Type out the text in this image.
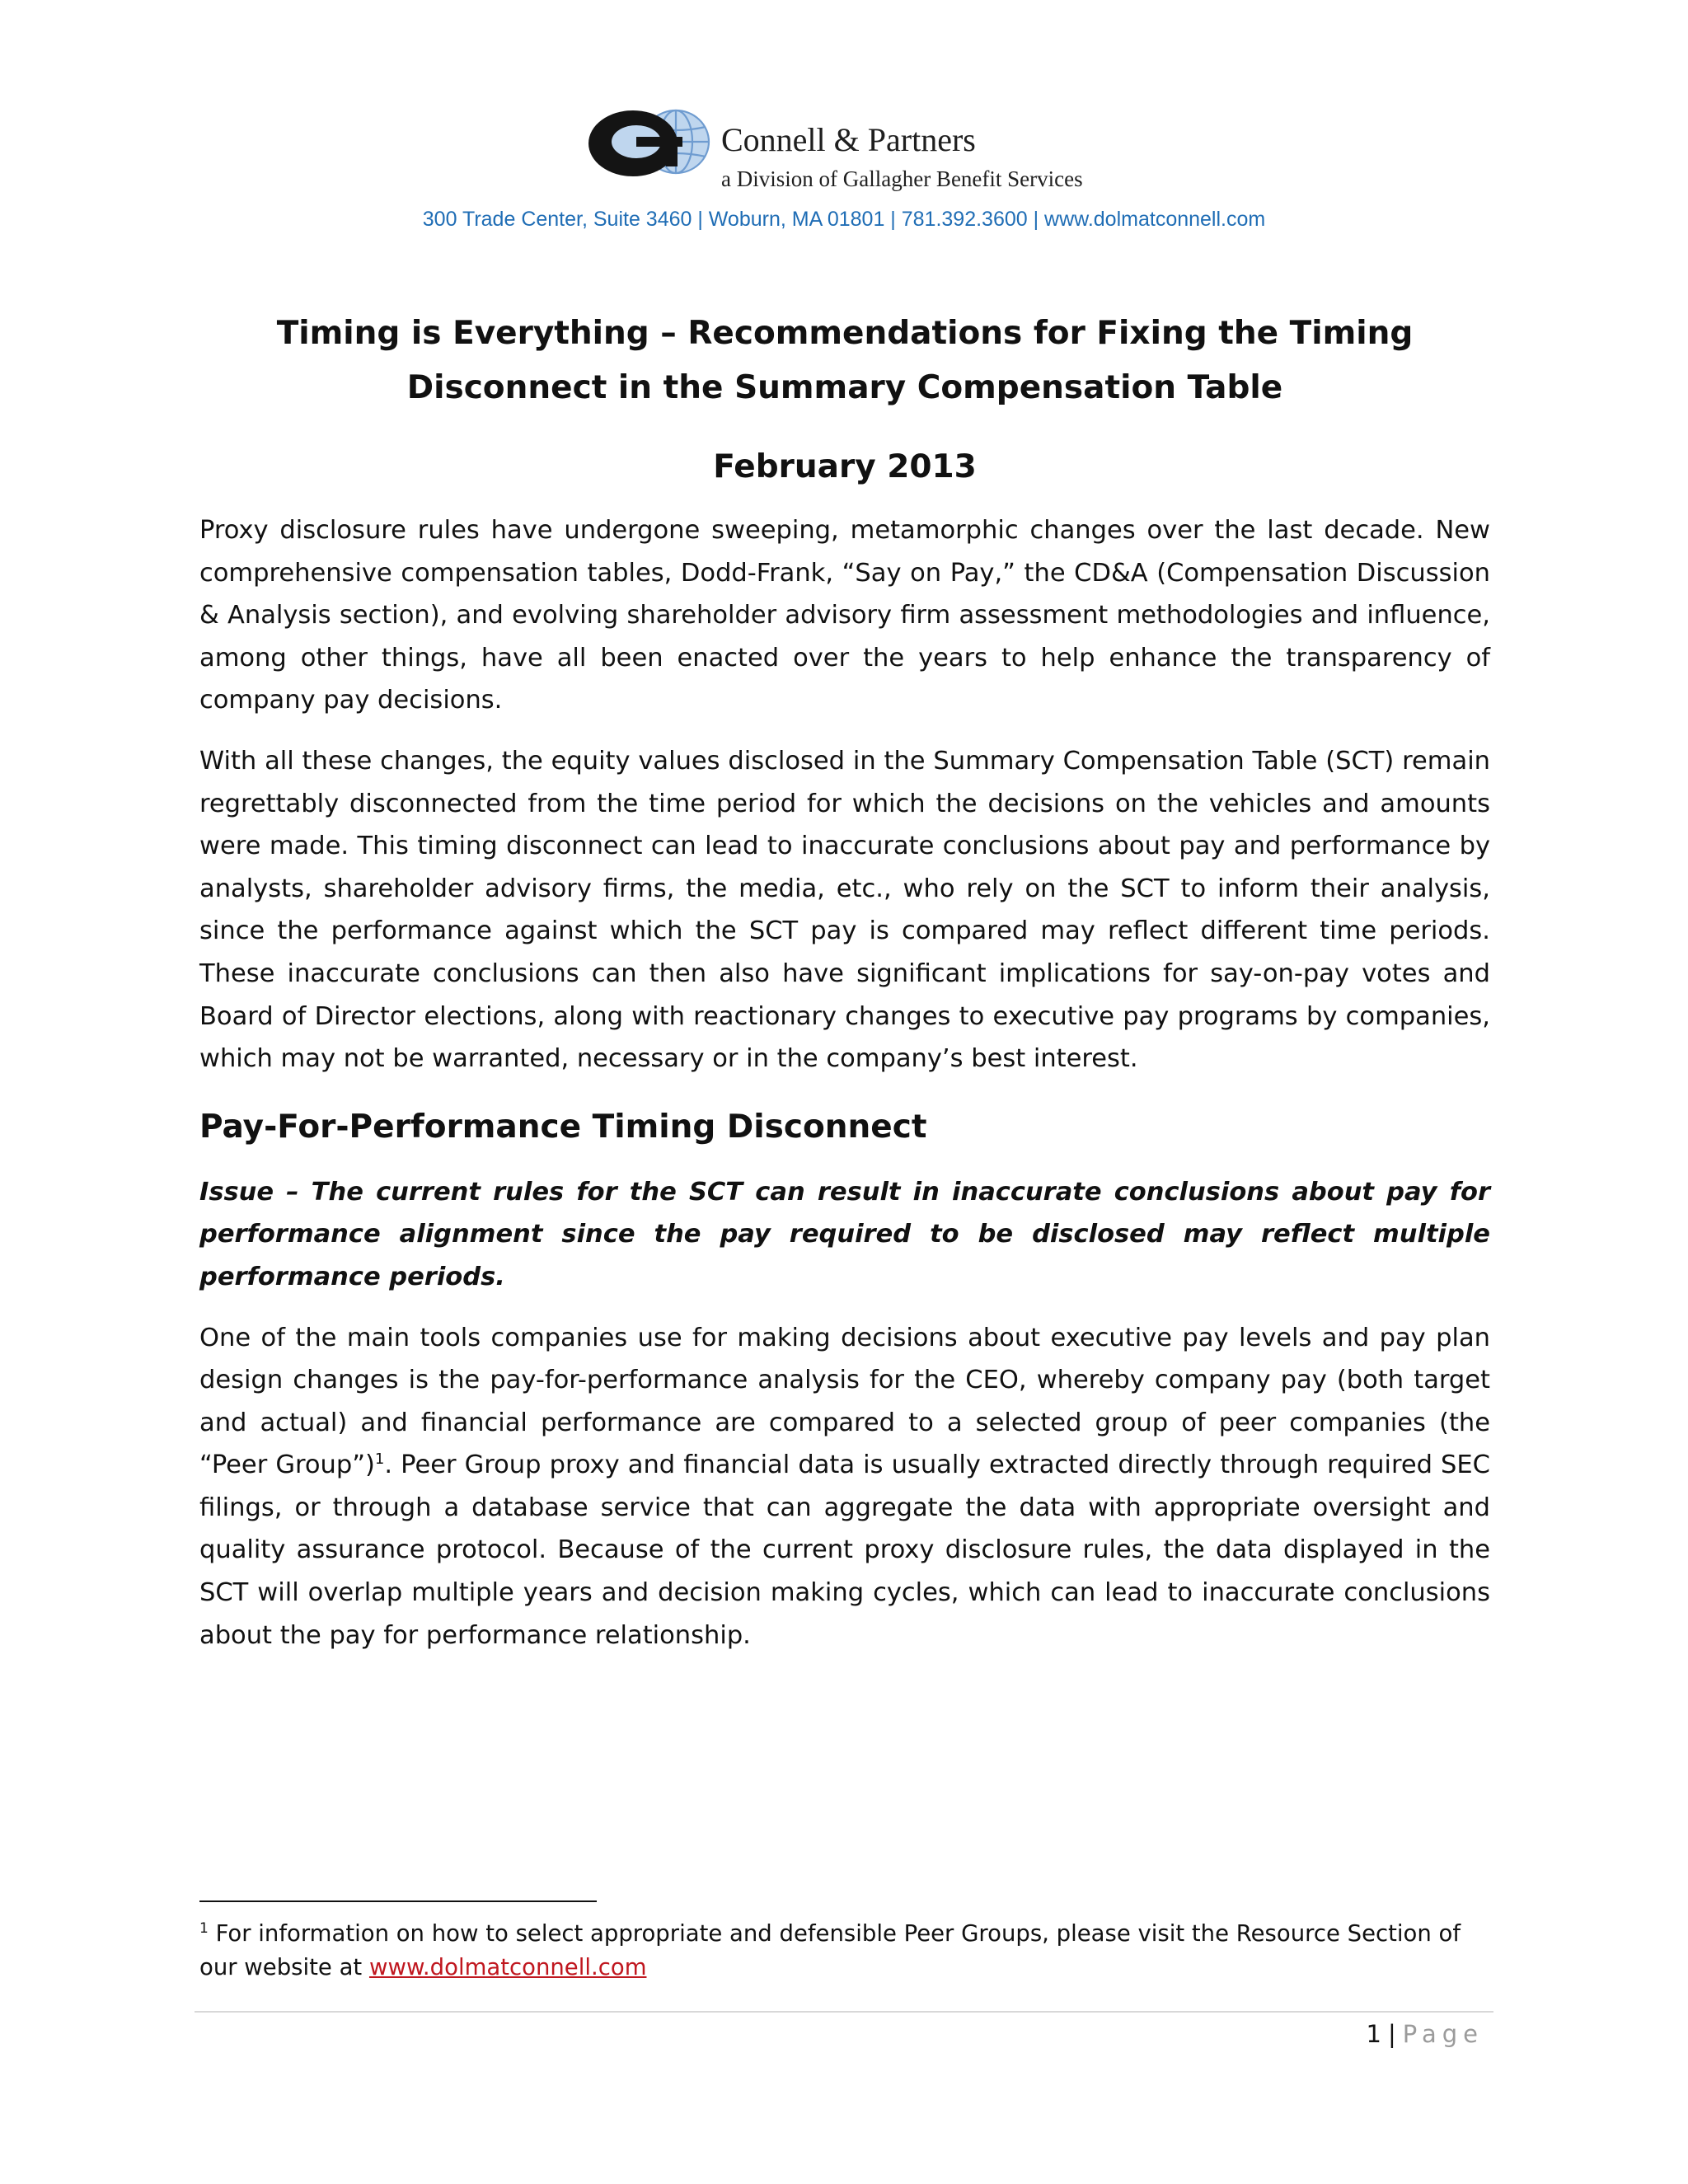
Connell & Partners
a Division of Gallagher Benefit Services
300 Trade Center, Suite 3460 | Woburn, MA 01801 | 781.392.3600 | www.dolmatconnell.com
Timing is Everything – Recommendations for Fixing the Timing Disconnect in the Summary Compensation Table
February 2013

Proxy disclosure rules have undergone sweeping, metamorphic changes over the last decade. New comprehensive compensation tables, Dodd-Frank, “Say on Pay,” the CD&A (Compensation Discussion & Analysis section), and evolving shareholder advisory firm assessment methodologies and influence, among other things, have all been enacted over the years to help enhance the transparency of company pay decisions.

With all these changes, the equity values disclosed in the Summary Compensation Table (SCT) remain regrettably disconnected from the time period for which the decisions on the vehicles and amounts were made. This timing disconnect can lead to inaccurate conclusions about pay and performance by analysts, shareholder advisory firms, the media, etc., who rely on the SCT to inform their analysis, since the performance against which the SCT pay is compared may reflect different time periods. These inaccurate conclusions can then also have significant implications for say-on-pay votes and Board of Director elections, along with reactionary changes to executive pay programs by companies, which may not be warranted, necessary or in the company’s best interest.

Pay-For-Performance Timing Disconnect

Issue – The current rules for the SCT can result in inaccurate conclusions about pay for performance alignment since the pay required to be disclosed may reflect multiple performance periods.

One of the main tools companies use for making decisions about executive pay levels and pay plan design changes is the pay-for-performance analysis for the CEO, whereby company pay (both target and actual) and financial performance are compared to a selected group of peer companies (the “Peer Group”)$^1$. Peer Group proxy and financial data is usually extracted directly through required SEC filings, or through a database service that can aggregate the data with appropriate oversight and quality assurance protocol. Because of the current proxy disclosure rules, the data displayed in the SCT will overlap multiple years and decision making cycles, which can lead to inaccurate conclusions about the pay for performance relationship.

$^1$ For information on how to select appropriate and defensible Peer Groups, please visit the Resource Section of our website at www.dolmatconnell.com
1 | Page
